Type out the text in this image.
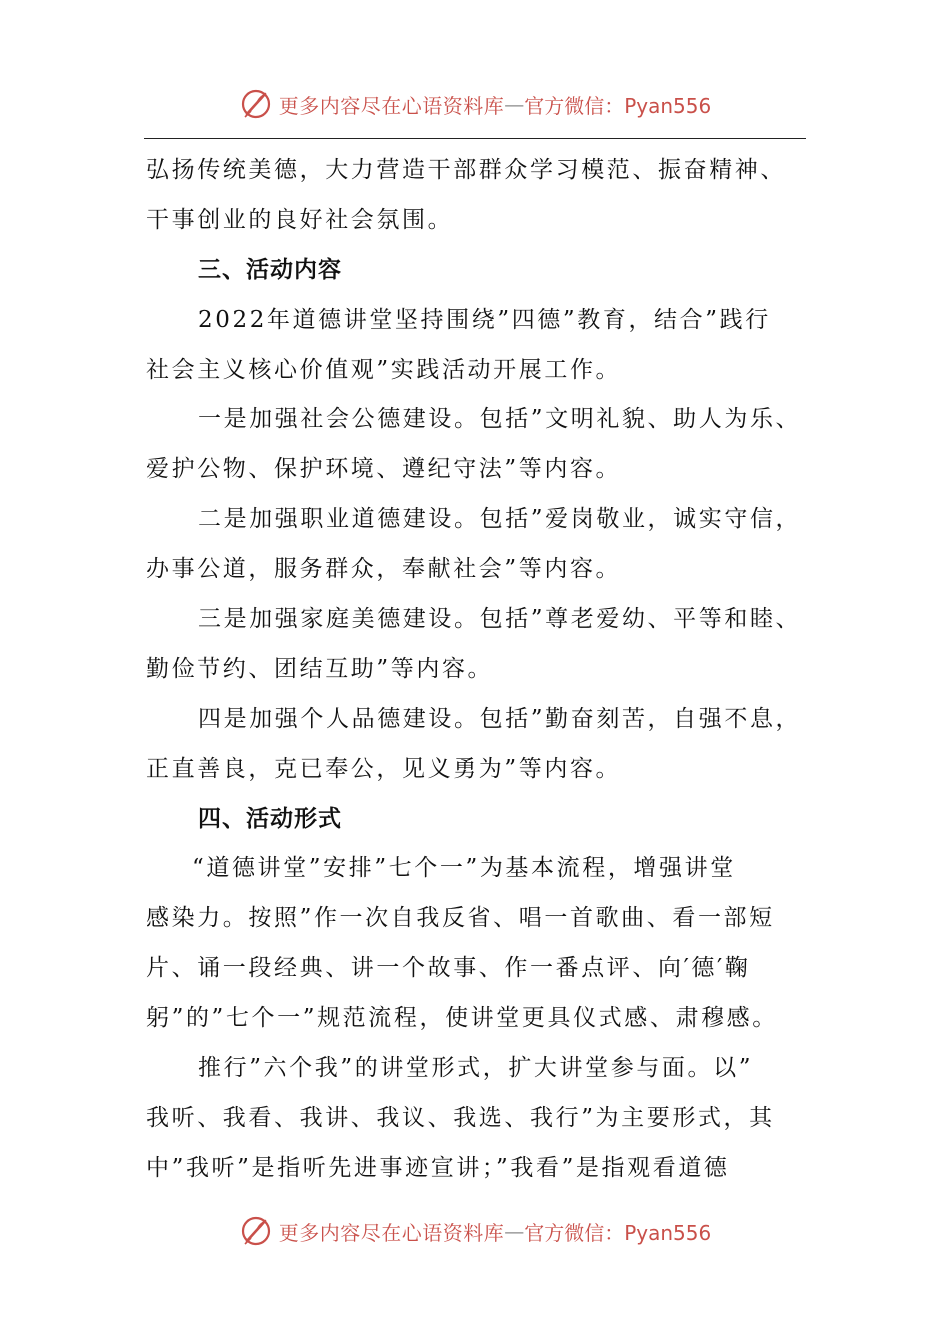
更多内容尽在心语资料库 — 官方微信：Pyan556
弘扬传统美德，大力营造干部群众学习模范、振奋精神、
干事创业的良好社会氛围。
三、活动内容
2022年道德讲堂坚持围绕”四德”教育，结合”践行
社会主义核心价值观”实践活动开展工作。
一是加强社会公德建设。包括”文明礼貌、助人为乐、
爱护公物、保护环境、遵纪守法”等内容。
二是加强职业道德建设。包括”爱岗敬业，诚实守信，
办事公道，服务群众，奉献社会”等内容。
三是加强家庭美德建设。包括”尊老爱幼、平等和睦、
勤俭节约、团结互助”等内容。
四是加强个人品德建设。包括”勤奋刻苦，自强不息，
正直善良，克已奉公，见义勇为”等内容。
四、活动形式
“道德讲堂”安排”七个一”为基本流程，增强讲堂
感染力。按照”作一次自我反省、唱一首歌曲、看一部短
片、诵一段经典、讲一个故事、作一番点评、向′德′鞠
躬”的”七个一”规范流程，使讲堂更具仪式感、肃穆感。
推行”六个我”的讲堂形式，扩大讲堂参与面。以”
我听、我看、我讲、我议、我选、我行”为主要形式，其
中”我听”是指听先进事迹宣讲；”我看”是指观看道德
更多内容尽在心语资料库 — 官方微信：Pyan556
